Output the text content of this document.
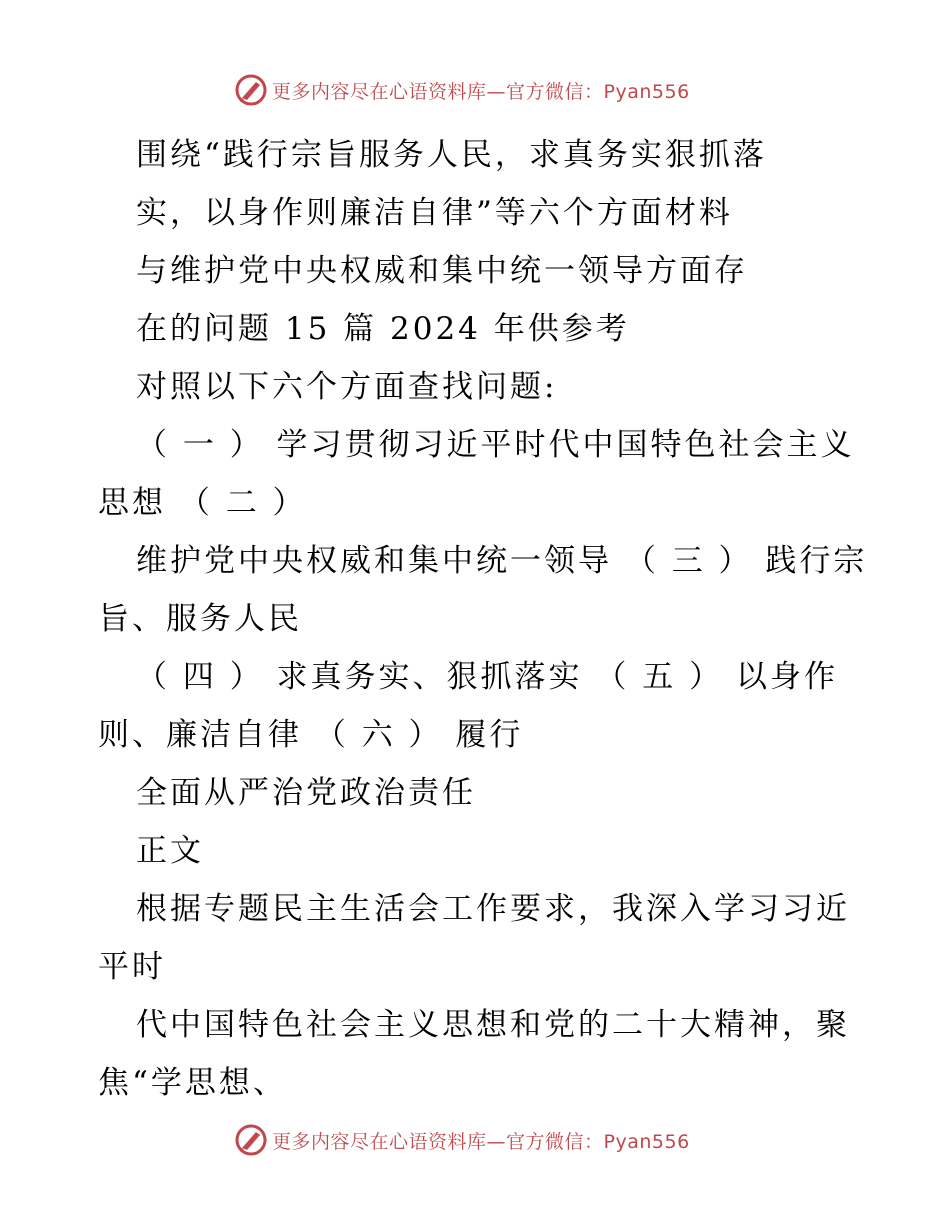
更多内容尽在心语资料库—官方微信：Pyan556
围绕“践行宗旨服务人民，求真务实狠抓落
实，以身作则廉洁自律”等六个方面材料
与维护党中央权威和集中统一领导方面存
在的问题 15 篇 2024 年供参考
对照以下六个方面查找问题:
（ 一 ） 学习贯彻习近平时代中国特色社会主义
思想 （ 二 ）
维护党中央权威和集中统一领导 （ 三 ） 践行宗
旨、服务人民
（ 四 ） 求真务实、狠抓落实 （ 五 ） 以身作
则、廉洁自律 （ 六 ） 履行
全面从严治党政治责任
正文
根据专题民主生活会工作要求，我深入学习习近
平时
代中国特色社会主义思想和党的二十大精神，聚
焦“学思想、
更多内容尽在心语资料库—官方微信：Pyan556
